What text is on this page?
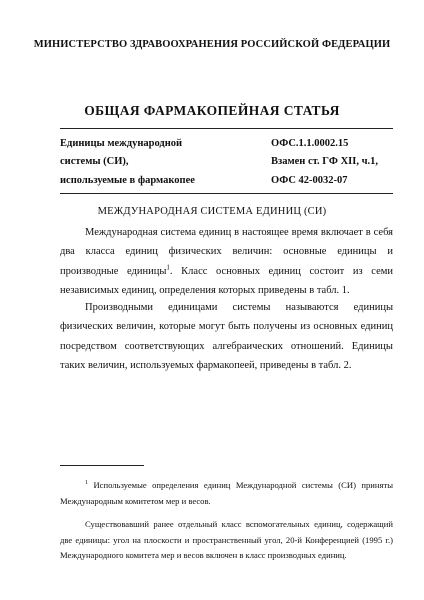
МИНИСТЕРСТВО ЗДРАВООХРАНЕНИЯ РОССИЙСКОЙ ФЕДЕРАЦИИ
ОБЩАЯ ФАРМАКОПЕЙНАЯ СТАТЬЯ
Единицы международной	ОФС.1.1.0002.15
системы (СИ),	Взамен ст. ГФ XII, ч.1,
используемые в фармакопее	ОФС 42-0032-07
МЕЖДУНАРОДНАЯ СИСТЕМА ЕДИНИЦ (СИ)

Международная система единиц в настоящее время включает в себя два класса единиц физических величин: основные единицы и производные единицы$^1$. Класс основных единиц состоит из семи независимых единиц, определения которых приведены в табл. 1.

Производными единицами системы называются единицы физических величин, которые могут быть получены из основных единиц посредством соответствующих алгебраических отношений. Единицы таких величин, используемых фармакопеей, приведены в табл. 2.

$^1$ Используемые определения единиц Международной системы (СИ) приняты Международным комитетом мер и весов.

Существовавший ранее отдельный класс вспомогательных единиц, содержащий две единицы: угол на плоскости и пространственный угол, 20-й Конференцией (1995 г.) Международного комитета мер и весов включен в класс производных единиц.
